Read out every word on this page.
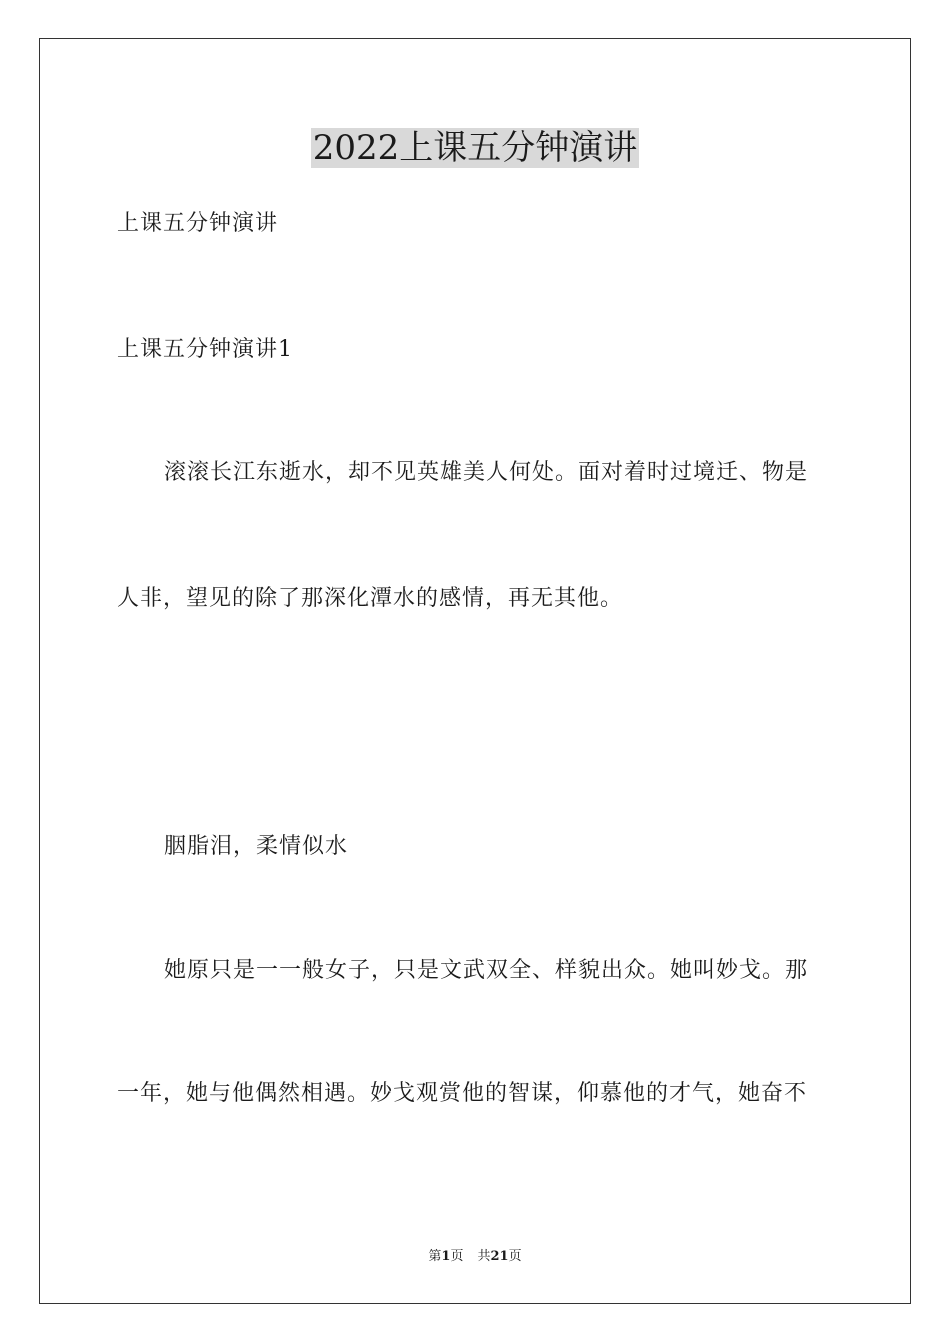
2022上课五分钟演讲
上课五分钟演讲
上课五分钟演讲1
滚滚长江东逝水，却不见英雄美人何处。面对着时过境迁、物是
人非，望见的除了那深化潭水的感情，再无其他。
胭脂泪，柔情似水
她原只是一一般女子，只是文武双全、样貌出众。她叫妙戈。那
一年，她与他偶然相遇。妙戈观赏他的智谋，仰慕他的才气，她奋不
第1页 共21页
